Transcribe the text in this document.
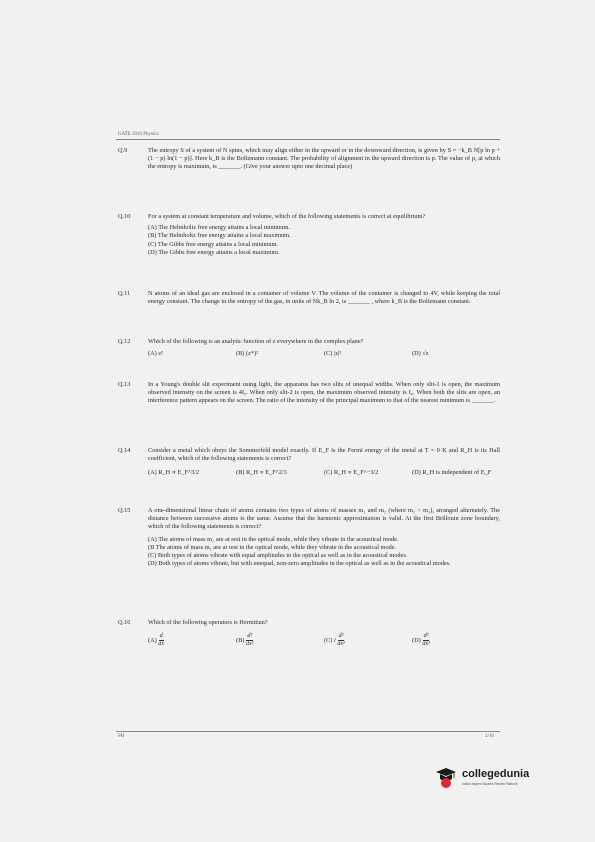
GATE 2016 Physics
Q.9	The entropy S of a system of N spins, which may align either in the upward or in the downward direction, is given by S = −k_B N[p ln p + (1 − p) ln(1 − p)]. Here k_B is the Boltzmann constant. The probability of alignment in the upward direction is p. The value of p, at which the entropy is maximum, is _______. (Give your answer upto one decimal place)
Q.10	For a system at constant temperature and volume, which of the following statements is correct at equilibrium?
(A) The Helmholtz free energy attains a local minimum.
(B) The Helmholtz free energy attains a local maximum.
(C) The Gibbs free energy attains a local minimum.
(D) The Gibbs free energy attains a local maximum.
Q.11	N atoms of an ideal gas are enclosed in a container of volume V. The volume of the container is changed to 4V, while keeping the total energy constant. The change in the entropy of the gas, in units of Nk_B ln 2, is _______ , where k_B is the Boltzmann constant.
Q.12	Which of the following is an analytic function of z everywhere in the complex plane?
(A) z²	(B) (z*)²	(C) |z|²	(D) √z
Q.13	In a Young's double slit experiment using light, the apparatus has two slits of unequal widths. When only slit-1 is open, the maximum observed intensity on the screen is 4I₀. When only slit-2 is open, the maximum observed intensity is I₀. When both the slits are open, an interference pattern appears on the screen. The ratio of the intensity of the principal maximum to that of the nearest minimum is _______.
Q.14	Consider a metal which obeys the Sommerfeld model exactly. If E_F is the Fermi energy of the metal at T = 0 K and R_H is its Hall coefficient, which of the following statements is correct?
(A) R_H ∝ E_F^3/2	(B) R_H ∝ E_F^2/3	(C) R_H ∝ E_F^−3/2	(D) R_H is independent of E_F
Q.15	A one-dimensional linear chain of atoms contains two types of atoms of masses m₁ and m₂ (where m₂ > m₁), arranged alternately. The distance between successive atoms is the same. Assume that the harmonic approximation is valid. At the first Brillouin zone boundary, which of the following statements is correct?
(A) The atoms of mass m₂ are at rest in the optical mode, while they vibrate in the acoustical mode.
(B The atoms of mass m₁ are at rest in the optical mode, while they vibrate in the acoustical mode.
(C) Both types of atoms vibrate with equal amplitudes in the optical as well as in the acoustical modes.
(D) Both types of atoms vibrate, but with unequal, non-zero amplitudes in the optical as well as in the acoustical modes.
Q.16	Which of the following operators is Hermitian?
$(A) \frac{d}{dx}$	$(B) \frac{\text{d²}}{\text{dx²}}$	(C) i $\frac{\text{d²}}{\text{dx²}}$	$(D) \frac{\text{d³}}{\text{dx³}}$
PH	2/10
collegedunia
India's largest Student Review Platform
